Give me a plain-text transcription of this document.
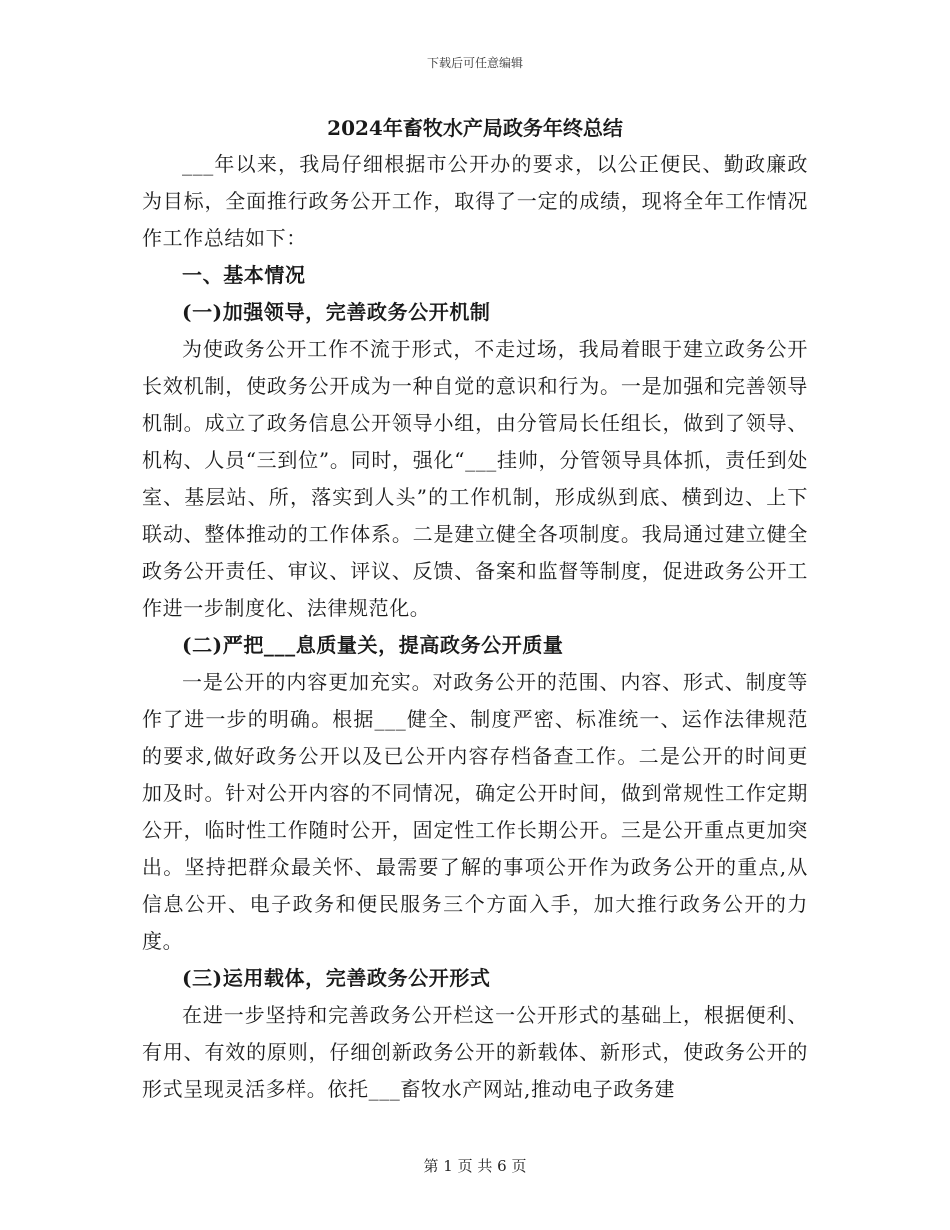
下载后可任意编辑
2024年畜牧水产局政务年终总结

___年以来，我局仔细根据市公开办的要求，以公正便民、勤政廉政为目标，全面推行政务公开工作，取得了一定的成绩，现将全年工作情况作工作总结如下：

一、基本情况

(一)加强领导，完善政务公开机制

为使政务公开工作不流于形式，不走过场，我局着眼于建立政务公开长效机制，使政务公开成为一种自觉的意识和行为。一是加强和完善领导机制。成立了政务信息公开领导小组，由分管局长任组长，做到了领导、机构、人员“三到位”。同时，强化“___挂帅，分管领导具体抓，责任到处室、基层站、所，落实到人头”的工作机制，形成纵到底、横到边、上下联动、整体推动的工作体系。二是建立健全各项制度。我局通过建立健全政务公开责任、审议、评议、反馈、备案和监督等制度，促进政务公开工作进一步制度化、法律规范化。

(二)严把___息质量关，提高政务公开质量

一是公开的内容更加充实。对政务公开的范围、内容、形式、制度等作了进一步的明确。根据___健全、制度严密、标准统一、运作法律规范的要求,做好政务公开以及已公开内容存档备查工作。二是公开的时间更加及时。针对公开内容的不同情况，确定公开时间，做到常规性工作定期公开，临时性工作随时公开，固定性工作长期公开。三是公开重点更加突出。坚持把群众最关怀、最需要了解的事项公开作为政务公开的重点,从信息公开、电子政务和便民服务三个方面入手，加大推行政务公开的力度。

(三)运用载体，完善政务公开形式

在进一步坚持和完善政务公开栏这一公开形式的基础上，根据便利、有用、有效的原则，仔细创新政务公开的新载体、新形式，使政务公开的形式呈现灵活多样。依托___畜牧水产网站,推动电子政务建

第 1 页 共 6 页
